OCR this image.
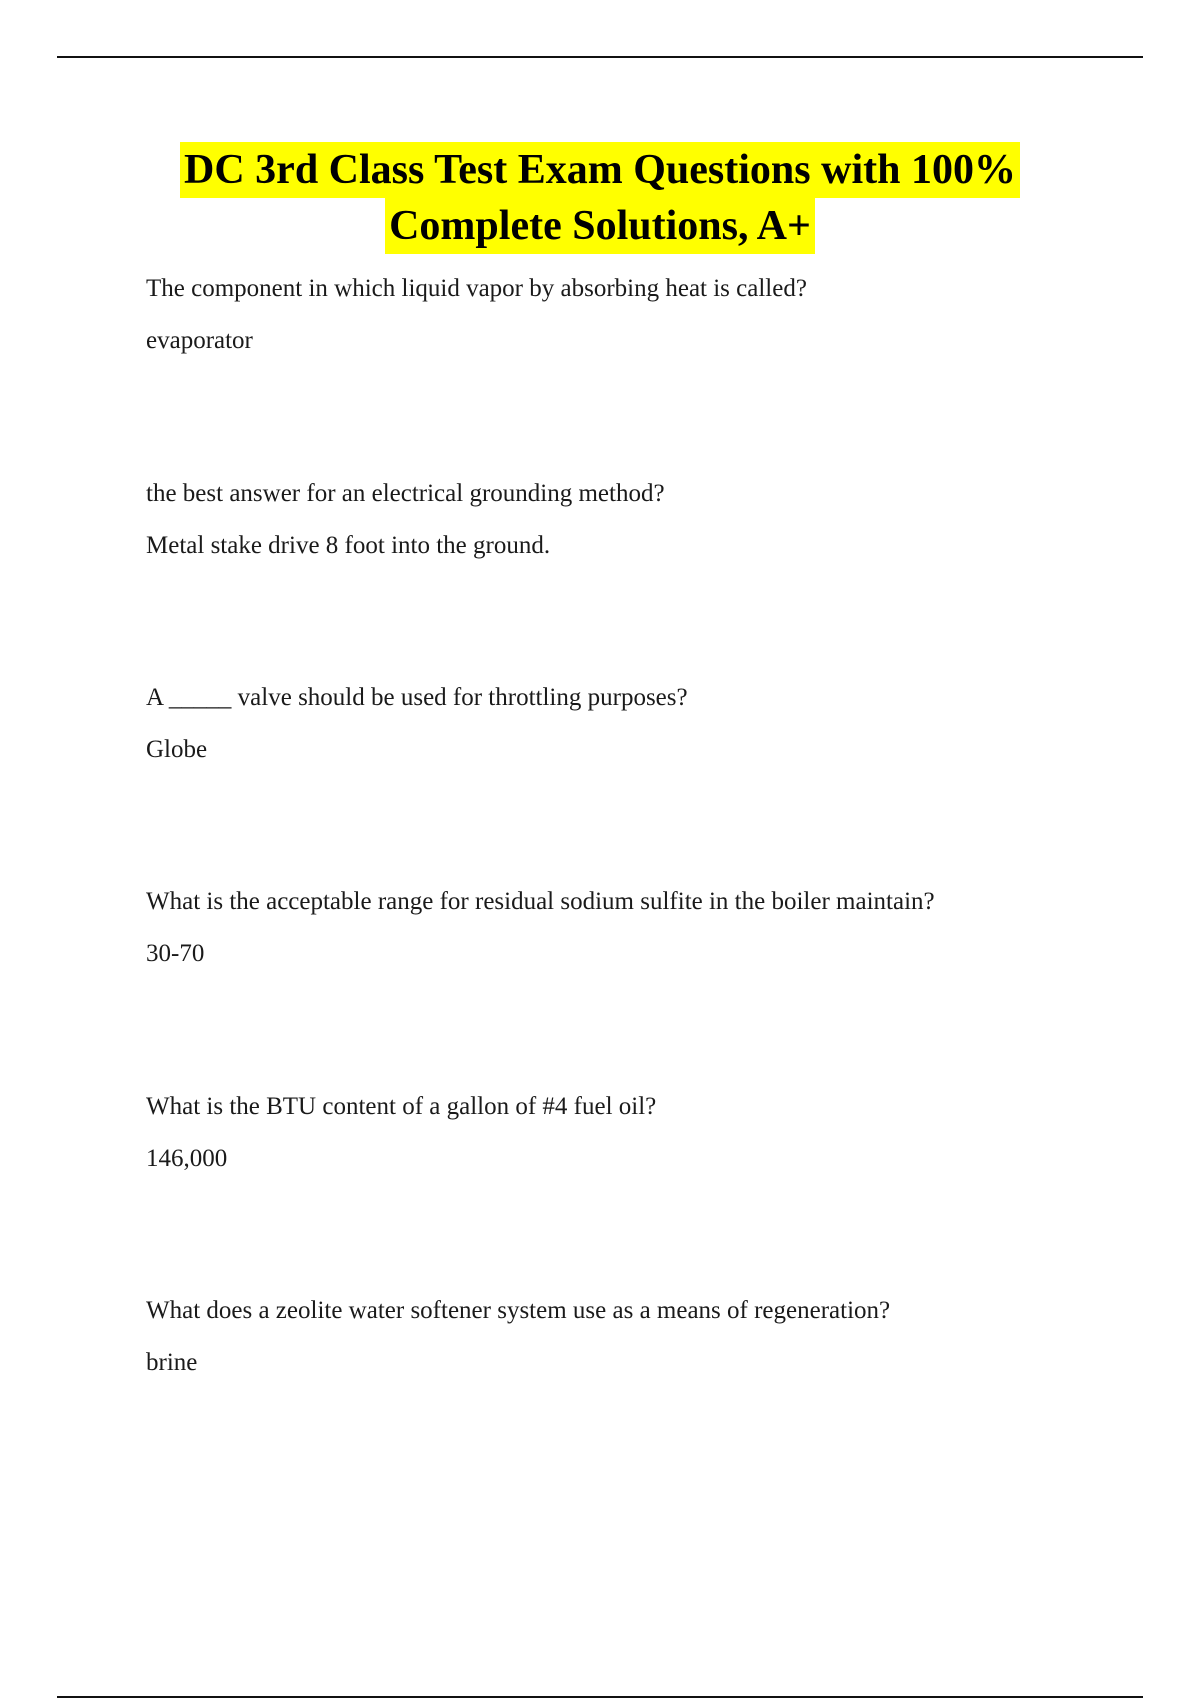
DC 3rd Class Test Exam Questions with 100%
Complete Solutions, A+
The component in which liquid vapor by absorbing heat is called?
evaporator
the best answer for an electrical grounding method?
Metal stake drive 8 foot into the ground.
A _____ valve should be used for throttling purposes?
Globe
What is the acceptable range for residual sodium sulfite in the boiler maintain?
30-70
What is the BTU content of a gallon of #4 fuel oil?
146,000
What does a zeolite water softener system use as a means of regeneration?
brine
